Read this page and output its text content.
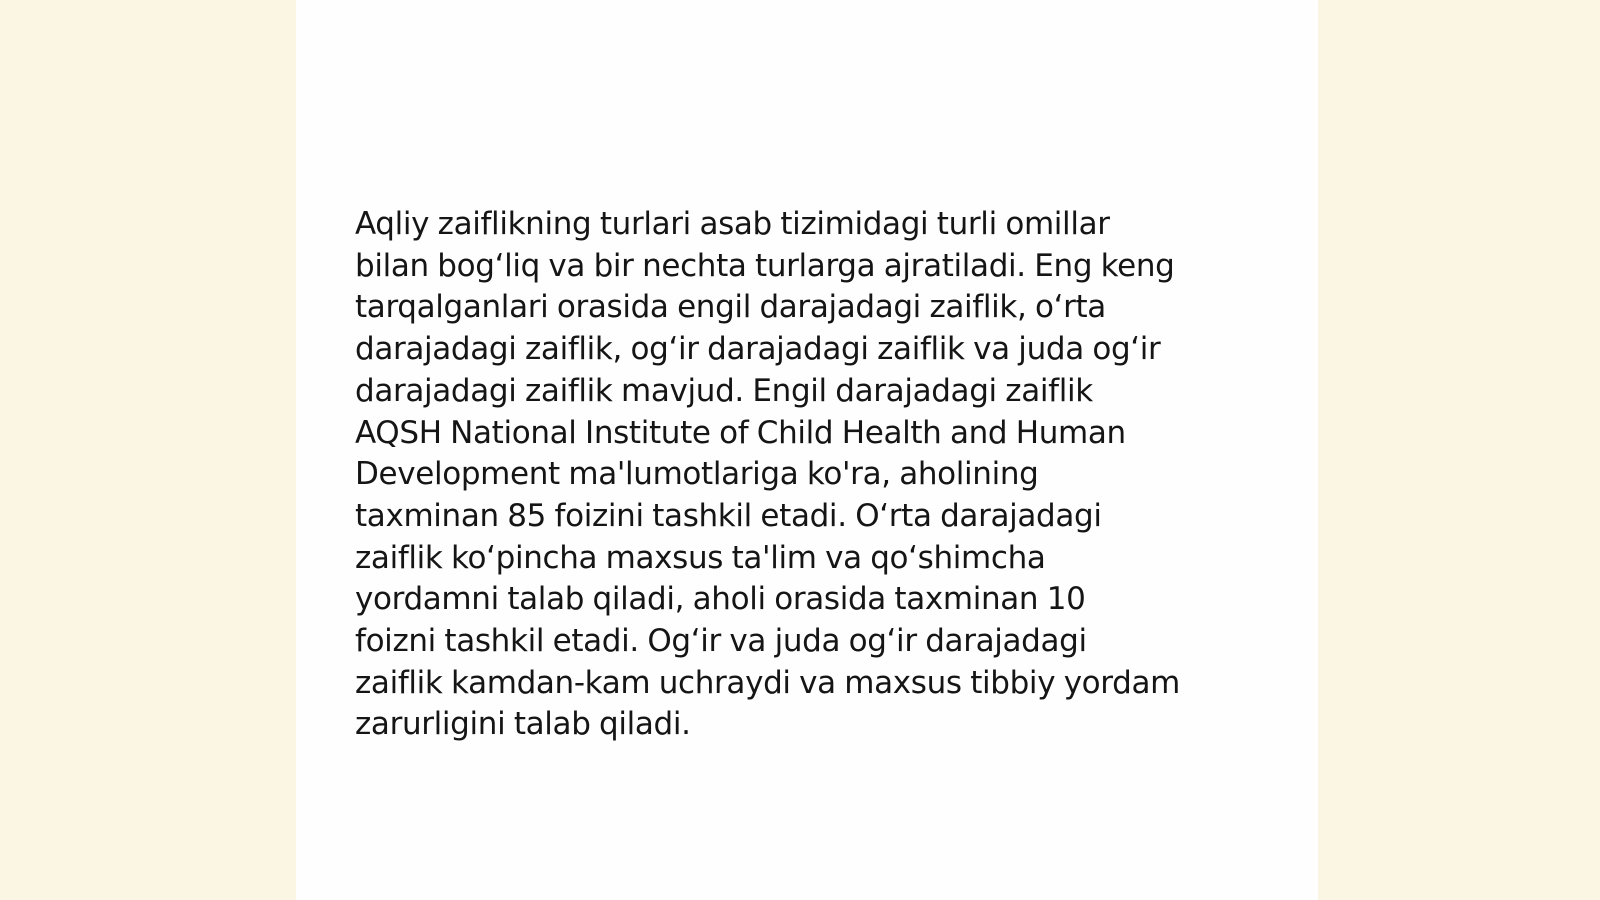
Aqliy zaiflikning turlari asab tizimidagi turli omillar
bilan bog‘liq va bir nechta turlarga ajratiladi. Eng keng
tarqalganlari orasida engil darajadagi zaiflik, o‘rta
darajadagi zaiflik, og‘ir darajadagi zaiflik va juda og‘ir
darajadagi zaiflik mavjud. Engil darajadagi zaiflik
AQSH National Institute of Child Health and Human
Development ma'lumotlariga ko'ra, aholining
taxminan 85 foizini tashkil etadi. O‘rta darajadagi
zaiflik ko‘pincha maxsus ta'lim va qo‘shimcha
yordamni talab qiladi, aholi orasida taxminan 10
foizni tashkil etadi. Og‘ir va juda og‘ir darajadagi
zaiflik kamdan-kam uchraydi va maxsus tibbiy yordam
zarurligini talab qiladi.
